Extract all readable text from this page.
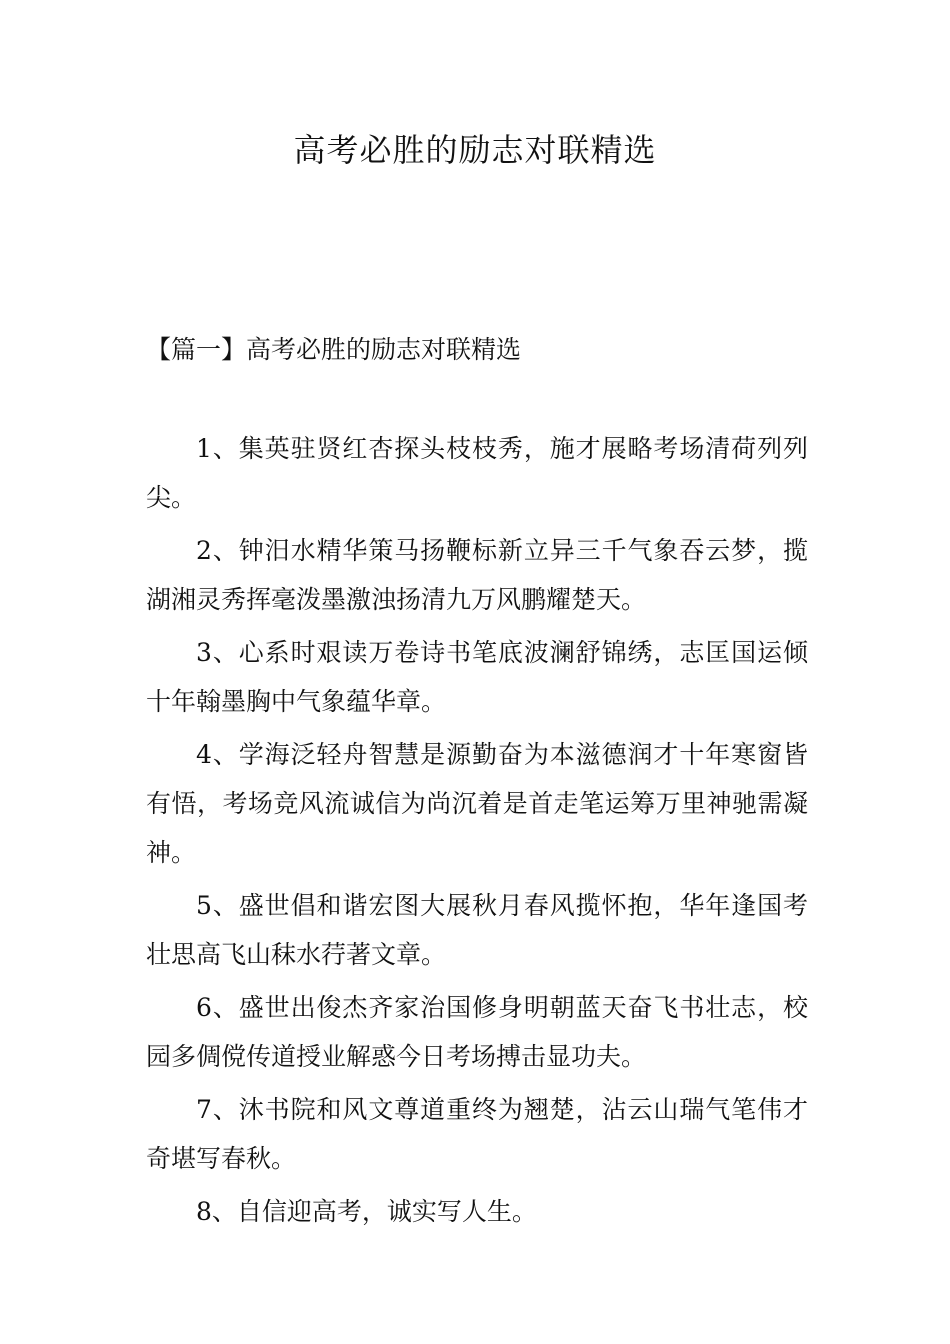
高考必胜的励志对联精选
【篇一】高考必胜的励志对联精选
1、集英驻贤红杏探头枝枝秀，施才展略考场清荷列列尖。
2、钟汨水精华策马扬鞭标新立异三千气象吞云梦，揽湖湘灵秀挥毫泼墨激浊扬清九万风鹏耀楚天。
3、心系时艰读万卷诗书笔底波澜舒锦绣，志匡国运倾十年翰墨胸中气象蕴华章。
4、学海泛轻舟智慧是源勤奋为本滋德润才十年寒窗皆有悟，考场竞风流诚信为尚沉着是首走笔运筹万里神驰需凝神。
5、盛世倡和谐宏图大展秋月春风揽怀抱，华年逢国考壮思高飞山秣水荇著文章。
6、盛世出俊杰齐家治国修身明朝蓝天奋飞书壮志，校园多倜傥传道授业解惑今日考场搏击显功夫。
7、沐书院和风文尊道重终为翘楚，沾云山瑞气笔伟才奇堪写春秋。
8、自信迎高考，诚实写人生。
